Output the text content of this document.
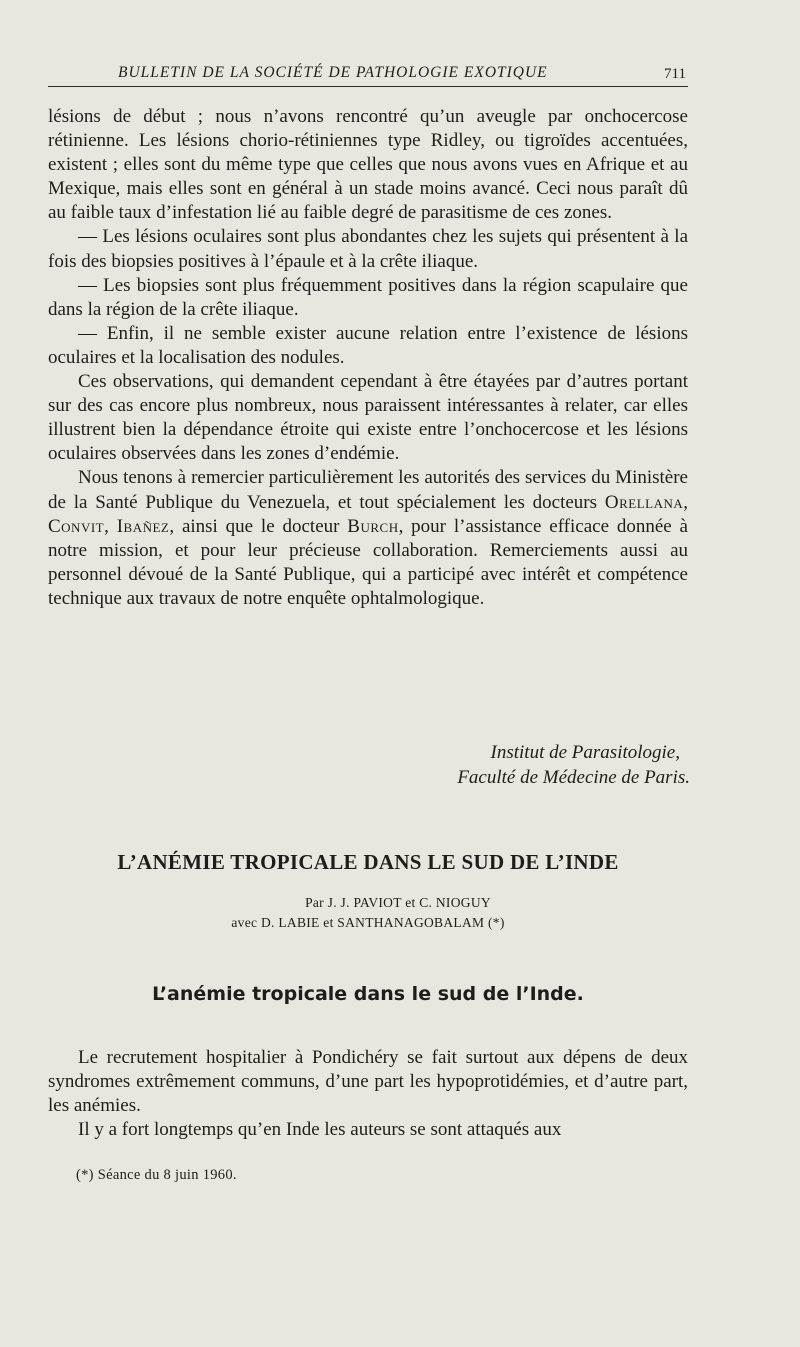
BULLETIN DE LA SOCIÉTÉ DE PATHOLOGIE EXOTIQUE	711

lésions de début ; nous n’avons rencontré qu’un aveugle par onchocercose rétinienne. Les lésions chorio-rétiniennes type Ridley, ou tigroïdes accentuées, existent ; elles sont du même type que celles que nous avons vues en Afrique et au Mexique, mais elles sont en général à un stade moins avancé. Ceci nous paraît dû au faible taux d’infestation lié au faible degré de parasitisme de ces zones.

— Les lésions oculaires sont plus abondantes chez les sujets qui présentent à la fois des biopsies positives à l’épaule et à la crête iliaque.

— Les biopsies sont plus fréquemment positives dans la région scapulaire que dans la région de la crête iliaque.

— Enfin, il ne semble exister aucune relation entre l’existence de lésions oculaires et la localisation des nodules.

Ces observations, qui demandent cependant à être étayées par d’autres portant sur des cas encore plus nombreux, nous paraissent intéressantes à relater, car elles illustrent bien la dépendance étroite qui existe entre l’onchocercose et les lésions oculaires observées dans les zones d’endémie.

Nous tenons à remercier particulièrement les autorités des services du Ministère de la Santé Publique du Venezuela, et tout spécialement les docteurs Orellana, Convit, Ibañez, ainsi que le docteur Burch, pour l’assistance efficace donnée à notre mission, et pour leur précieuse collaboration. Remerciements aussi au personnel dévoué de la Santé Publique, qui a participé avec intérêt et compétence technique aux travaux de notre enquête ophtalmologique.

Institut de Parasitologie,
Faculté de Médecine de Paris.
L’ANÉMIE TROPICALE DANS LE SUD DE L’INDE
Par J. J. PAVIOT et C. NIOGUY
avec D. LABIE et SANTHANAGOBALAM (*)
L’anémie tropicale dans le sud de l’Inde.

Le recrutement hospitalier à Pondichéry se fait surtout aux dépens de deux syndromes extrêmement communs, d’une part les hypoprotidémies, et d’autre part, les anémies.

Il y a fort longtemps qu’en Inde les auteurs se sont attaqués aux

(*) Séance du 8 juin 1960.
